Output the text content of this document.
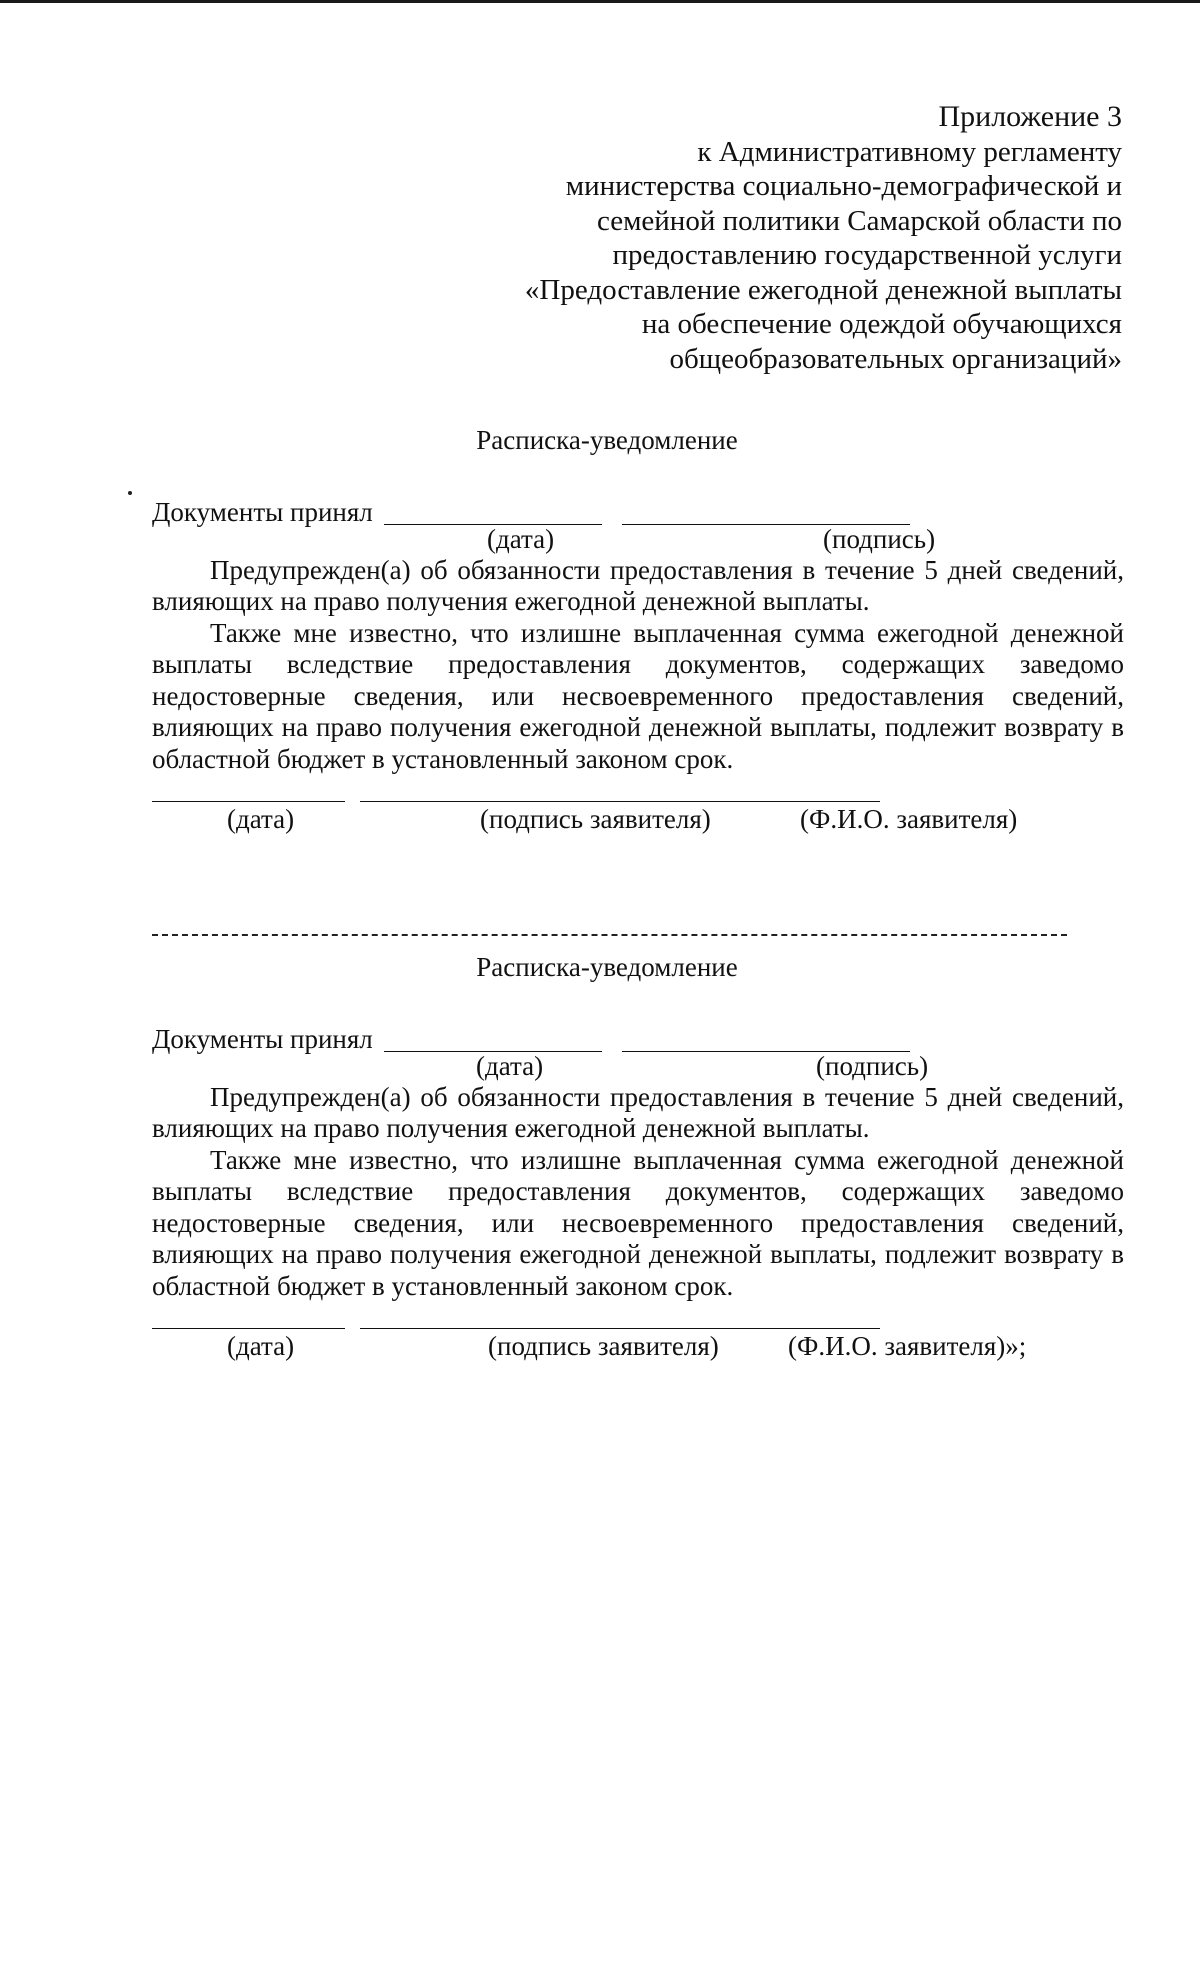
Приложение 3
к Административному регламенту
министерства социально-демографической и
семейной политики Самарской области по
предоставлению государственной услуги
«Предоставление ежегодной денежной выплаты
на обеспечение одеждой обучающихся
общеобразовательных организаций»
Расписка-уведомление
Документы принял
(дата)	(подпись)

Предупрежден(а) об обязанности предоставления в течение 5 дней сведений, влияющих на право получения ежегодной денежной выплаты.

Также мне известно, что излишне выплаченная сумма ежегодной денежной выплаты вследствие предоставления документов, содержащих заведомо недостоверные сведения, или несвоевременного предоставления сведений, влияющих на право получения ежегодной денежной выплаты, подлежит возврату в областной бюджет в установленный законом срок.

(дата)	(подпись заявителя)	(Ф.И.О. заявителя)
Расписка-уведомление
Документы принял
(дата)	(подпись)

Предупрежден(а) об обязанности предоставления в течение 5 дней сведений, влияющих на право получения ежегодной денежной выплаты.

Также мне известно, что излишне выплаченная сумма ежегодной денежной выплаты вследствие предоставления документов, содержащих заведомо недостоверные сведения, или несвоевременного предоставления сведений, влияющих на право получения ежегодной денежной выплаты, подлежит возврату в областной бюджет в установленный законом срок.

(дата)	(подпись заявителя)	(Ф.И.О. заявителя)»;
